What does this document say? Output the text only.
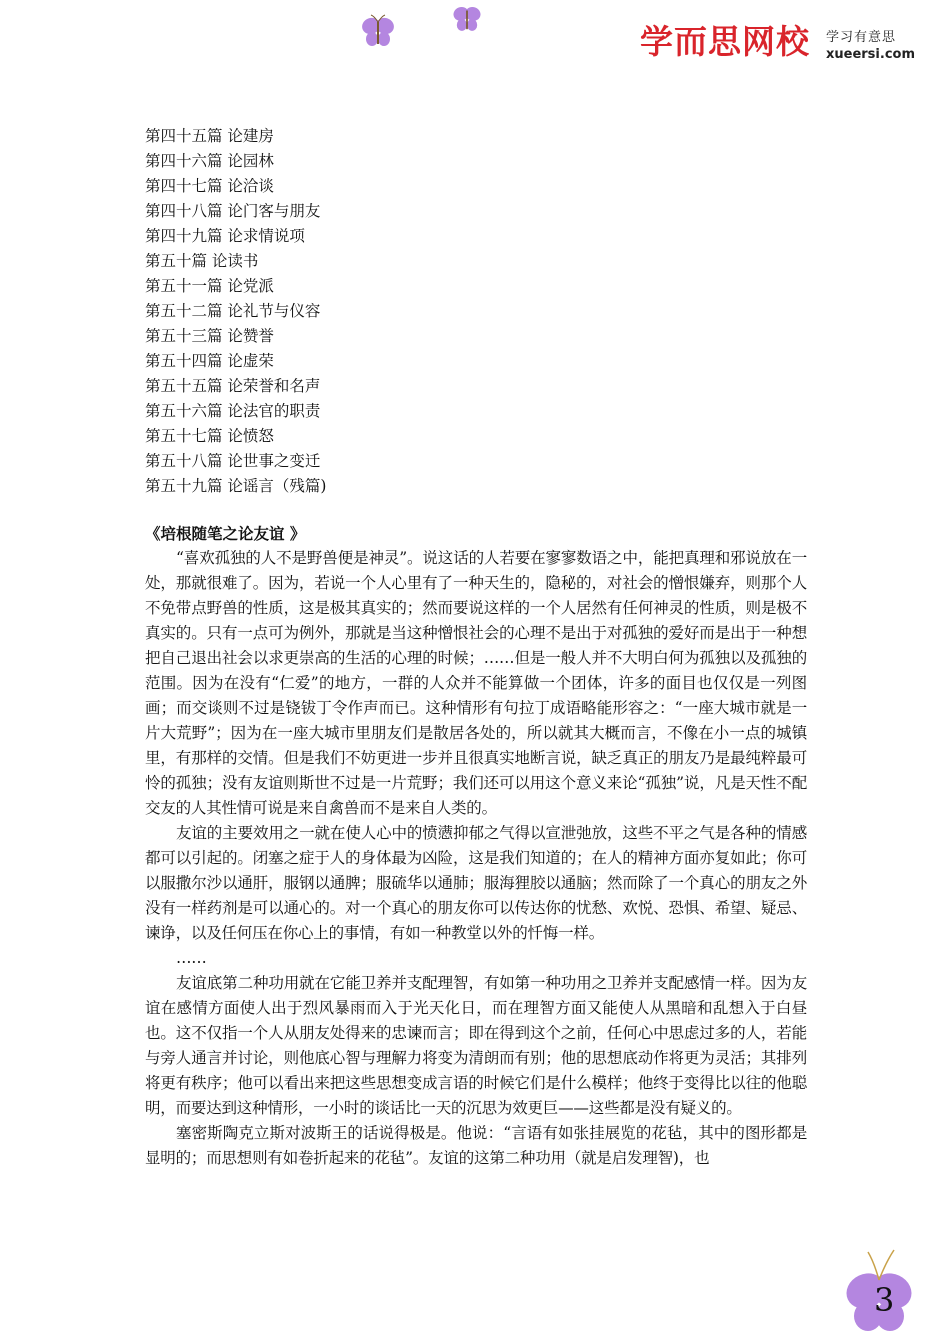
学而思网校 学习有意思
xueersi.com
第四十五篇 论建房
第四十六篇 论园林
第四十七篇 论洽谈
第四十八篇 论门客与朋友
第四十九篇 论求情说项
第五十篇 论读书
第五十一篇 论党派
第五十二篇 论礼节与仪容
第五十三篇 论赞誉
第五十四篇 论虚荣
第五十五篇 论荣誉和名声
第五十六篇 论法官的职责
第五十七篇 论愤怒
第五十八篇 论世事之变迁
第五十九篇 论谣言（残篇)
《培根随笔之论友谊 》

“喜欢孤独的人不是野兽便是神灵”。说这话的人若要在寥寥数语之中，能把真理和邪说放在一处，那就很难了。因为，若说一个人心里有了一种天生的，隐秘的，对社会的憎恨嫌弃，则那个人不免带点野兽的性质，这是极其真实的；然而要说这样的一个人居然有任何神灵的性质，则是极不真实的。只有一点可为例外，那就是当这种憎恨社会的心理不是出于对孤独的爱好而是出于一种想把自己退出社会以求更崇高的生活的心理的时候；……但是一般人并不大明白何为孤独以及孤独的范围。因为在没有“仁爱”的地方，一群的人众并不能算做一个团体，许多的面目也仅仅是一列图画；而交谈则不过是铙钹丁令作声而已。这种情形有句拉丁成语略能形容之：“一座大城市就是一片大荒野”；因为在一座大城市里朋友们是散居各处的，所以就其大概而言，不像在小一点的城镇里，有那样的交情。但是我们不妨更进一步并且很真实地断言说，缺乏真正的朋友乃是最纯粹最可怜的孤独；没有友谊则斯世不过是一片荒野；我们还可以用这个意义来论“孤独”说，凡是天性不配交友的人其性情可说是来自禽兽而不是来自人类的。

友谊的主要效用之一就在使人心中的愤懑抑郁之气得以宣泄弛放，这些不平之气是各种的情感都可以引起的。闭塞之症于人的身体最为凶险，这是我们知道的；在人的精神方面亦复如此；你可以服撒尔沙以通肝，服钢以通脾；服硫华以通肺；服海狸胶以通脑；然而除了一个真心的朋友之外没有一样药剂是可以通心的。对一个真心的朋友你可以传达你的忧愁、欢悦、恐惧、希望、疑忌、谏诤，以及任何压在你心上的事情，有如一种教堂以外的忏悔一样。

……

友谊底第二种功用就在它能卫养并支配理智，有如第一种功用之卫养并支配感情一样。因为友谊在感情方面使人出于烈风暴雨而入于光天化日，而在理智方面又能使人从黑暗和乱想入于白昼也。这不仅指一个人从朋友处得来的忠谏而言；即在得到这个之前，任何心中思虑过多的人，若能与旁人通言并讨论，则他底心智与理解力将变为清朗而有别；他的思想底动作将更为灵活；其排列将更有秩序；他可以看出来把这些思想变成言语的时候它们是什么模样；他终于变得比以往的他聪明，而要达到这种情形，一小时的谈话比一天的沉思为效更巨——这些都是没有疑义的。

塞密斯陶克立斯对波斯王的话说得极是。他说：“言语有如张挂展览的花毡，其中的图形都是显明的；而思想则有如卷折起来的花毡”。友谊的这第二种功用（就是启发理智)，也

3
